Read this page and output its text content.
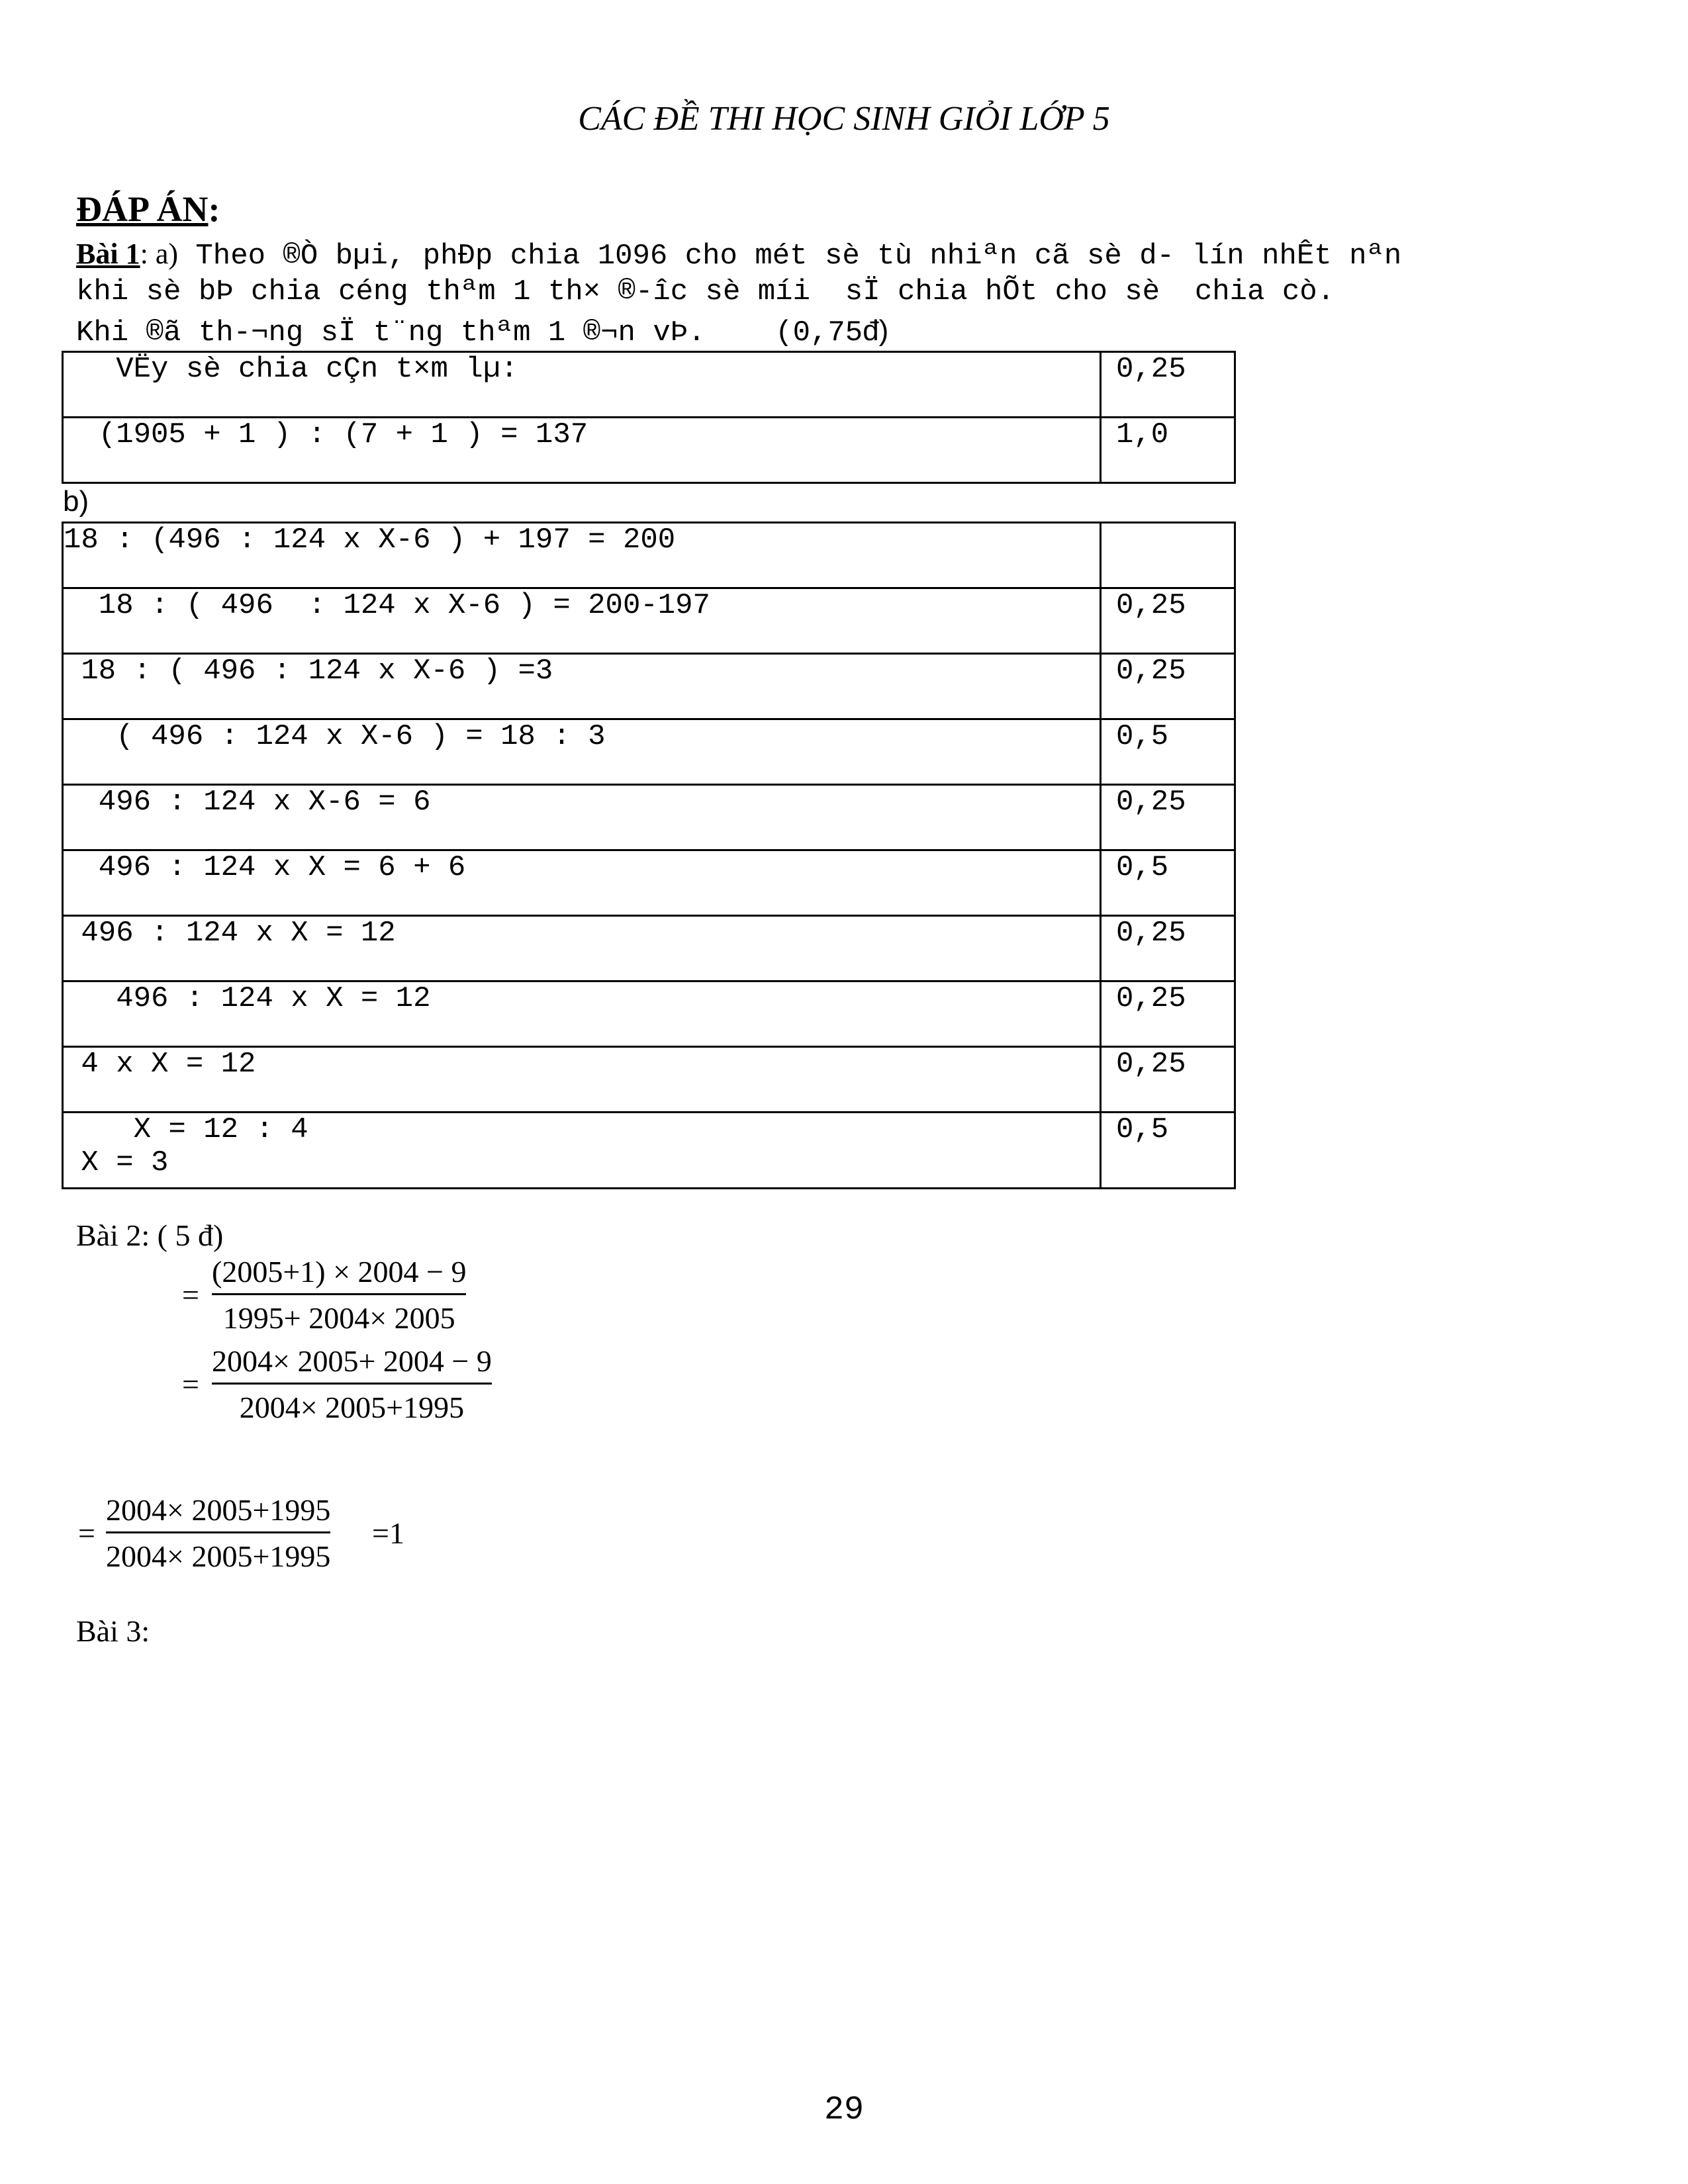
CÁC ĐỀ THI HỌC SINH GIỎI LỚP 5
ĐÁP ÁN:
Bài 1: a) Theo ®Ò bµi, phÐp chia 1096 cho mét sè tù nhiªn cã sè d- lín nhÊt nªn
khi sè bÞ chia céng thªm 1 th× ®-îc sè míi  sÏ chia hÕt cho sè  chia cò.
Khi ®ã th-¬ng sÏ t¨ng thªm 1 ®¬n vÞ.    (0,75đ)
VËy sè chia cÇn t×m lµ:	0,25
(1905 + 1 ) : (7 + 1 ) = 137	1,0
b)
18 : (496 : 124 x X-6 ) + 197 = 200	
18 : ( 496  : 124 x X-6 ) = 200-197	0,25
18 : ( 496 : 124 x X-6 ) =3	0,25
( 496 : 124 x X-6 ) = 18 : 3	0,5
496 : 124 x X-6 = 6	0,25
496 : 124 x X = 6 + 6	0,5
496 : 124 x X = 12	0,25
496 : 124 x X = 12	0,25
4 x X = 12	0,25

X = 12 : 4
X = 3	0,5
Bài 2: ( 5 đ)
= $\frac{(2005+1) \times 2004 - 9}{1995+ 2004\times 2005}$
= $\frac{2004\times 2005+ 2004 - 9}{2004\times 2005+1995}$
= $\frac{2004\times 2005+1995}{2004\times 2005+1995} =1$
Bài 3:
29
